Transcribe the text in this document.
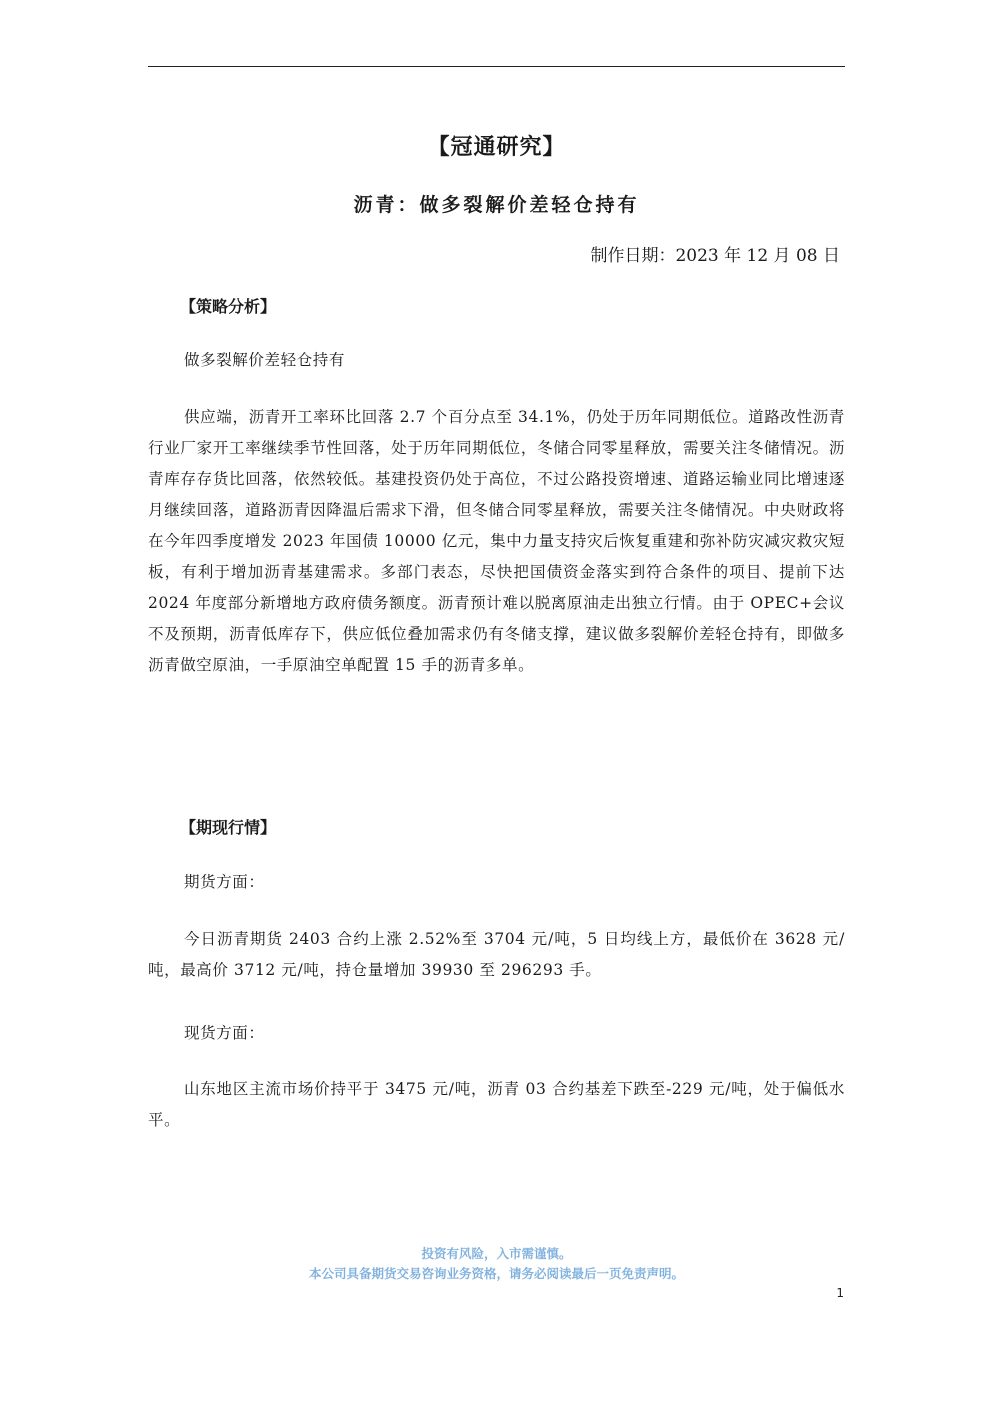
【冠通研究】
沥青：做多裂解价差轻仓持有
制作日期：2023 年 12 月 08 日
【策略分析】

做多裂解价差轻仓持有

供应端，沥青开工率环比回落 2.7 个百分点至 34.1%，仍处于历年同期低位。道路改性沥青行业厂家开工率继续季节性回落，处于历年同期低位，冬储合同零星释放，需要关注冬储情况。沥青库存存货比回落，依然较低。基建投资仍处于高位，不过公路投资增速、道路运输业同比增速逐月继续回落，道路沥青因降温后需求下滑，但冬储合同零星释放，需要关注冬储情况。中央财政将在今年四季度增发 2023 年国债 10000 亿元，集中力量支持灾后恢复重建和弥补防灾减灾救灾短板，有利于增加沥青基建需求。多部门表态，尽快把国债资金落实到符合条件的项目、提前下达 2024 年度部分新增地方政府债务额度。沥青预计难以脱离原油走出独立行情。由于 OPEC+会议不及预期，沥青低库存下，供应低位叠加需求仍有冬储支撑，建议做多裂解价差轻仓持有，即做多沥青做空原油，一手原油空单配置 15 手的沥青多单。

【期现行情】

期货方面：

今日沥青期货 2403 合约上涨 2.52%至 3704 元/吨，5 日均线上方，最低价在 3628 元/吨，最高价 3712 元/吨，持仓量增加 39930 至 296293 手。

现货方面：

山东地区主流市场价持平于 3475 元/吨，沥青 03 合约基差下跌至-229 元/吨，处于偏低水平。

投资有风险，入市需谨慎。
本公司具备期货交易咨询业务资格，请务必阅读最后一页免责声明。
1
